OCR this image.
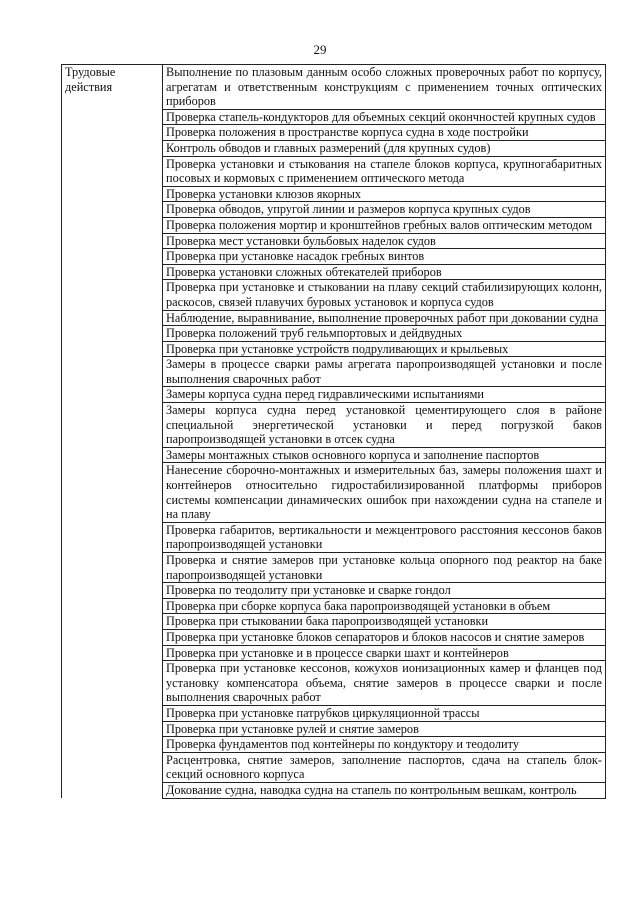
29
Трудовые действия	Выполнение по плазовым данным особо сложных проверочных работ по корпусу, агрегатам и ответственным конструкциям с применением точных оптических приборов
Проверка стапель-кондукторов для объемных секций окончностей крупных судов
Проверка положения в пространстве корпуса судна в ходе постройки
Контроль обводов и главных размерений (для крупных судов)
Проверка установки и стыкования на стапеле блоков корпуса, крупногабаритных посовых и кормовых с применением оптического метода
Проверка установки клюзов якорных
Проверка обводов, упругой линии и размеров корпуса крупных судов
Проверка положения мортир и кронштейнов гребных валов оптическим методом
Проверка мест установки бульбовых наделок судов
Проверка при установке насадок гребных винтов
Проверка установки сложных обтекателей приборов
Проверка при установке и стыковании на плаву секций стабилизирующих колонн, раскосов, связей плавучих буровых установок и корпуса судов
Наблюдение, выравнивание, выполнение проверочных работ при доковании судна
Проверка положений труб гельмпортовых и дейдвудных
Проверка при установке устройств подруливающих и крыльевых
Замеры в процессе сварки рамы агрегата паропроизводящей установки и после выполнения сварочных работ
Замеры корпуса судна перед гидравлическими испытаниями
Замеры корпуса судна перед установкой цементирующего слоя в районе специальной энергетической установки и перед погрузкой баков паропроизводящей установки в отсек судна
Замеры монтажных стыков основного корпуса и заполнение паспортов
Нанесение сборочно-монтажных и измерительных баз, замеры положения шахт и контейнеров относительно гидростабилизированной платформы приборов системы компенсации динамических ошибок при нахождении судна на стапеле и на плаву
Проверка габаритов, вертикальности и межцентрового расстояния кессонов баков паропроизводящей установки
Проверка и снятие замеров при установке кольца опорного под реактор на баке паропроизводящей установки
Проверка по теодолиту при установке и сварке гондол
Проверка при сборке корпуса бака паропроизводящей установки в объем
Проверка при стыковании бака паропроизводящей установки
Проверка при установке блоков сепараторов и блоков насосов и снятие замеров
Проверка при установке и в процессе сварки шахт и контейнеров
Проверка при установке кессонов, кожухов ионизационных камер и фланцев под установку компенсатора объема, снятие замеров в процессе сварки и после выполнения сварочных работ
Проверка при установке патрубков циркуляционной трассы
Проверка при установке рулей и снятие замеров
Проверка фундаментов под контейнеры по кондуктору и теодолиту
Расцентровка, снятие замеров, заполнение паспортов, сдача на стапель блок-секций основного корпуса
Докование судна, наводка судна на стапель по контрольным вешкам, контроль
